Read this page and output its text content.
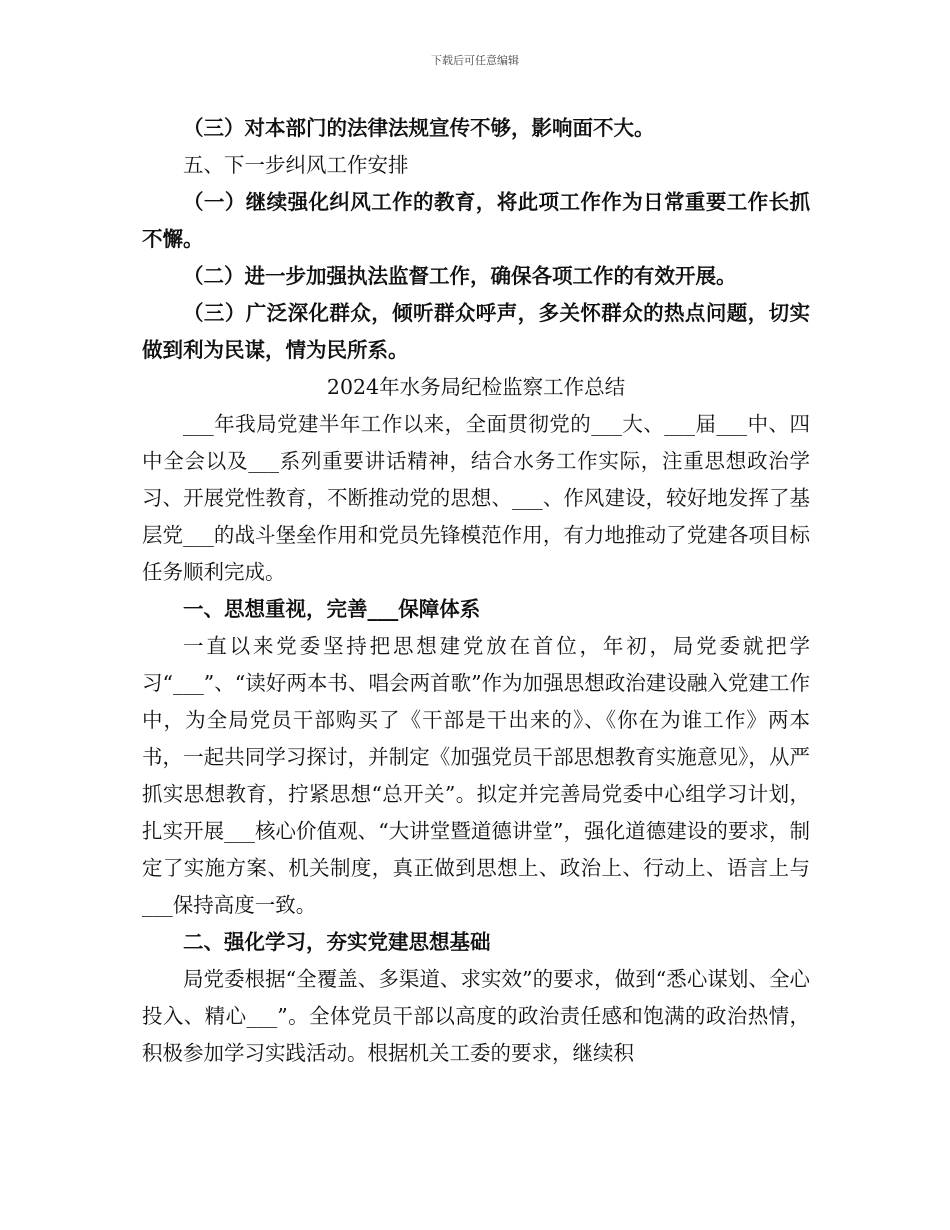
下载后可任意编辑

（三）对本部门的法律法规宣传不够，影响面不大。

五、下一步纠风工作安排

（一）继续强化纠风工作的教育，将此项工作作为日常重要工作长抓不懈。

（二）进一步加强执法监督工作，确保各项工作的有效开展。

（三）广泛深化群众，倾听群众呼声，多关怀群众的热点问题，切实做到利为民谋，情为民所系。

2024年水务局纪检监察工作总结

___年我局党建半年工作以来，全面贯彻党的___大、___届___中、四中全会以及___系列重要讲话精神，结合水务工作实际，注重思想政治学习、开展党性教育，不断推动党的思想、___、作风建设，较好地发挥了基层党___的战斗堡垒作用和党员先锋模范作用，有力地推动了党建各项目标任务顺利完成。

一、思想重视，完善___保障体系

一直以来党委坚持把思想建党放在首位，年初，局党委就把学习“___”、“读好两本书、唱会两首歌”作为加强思想政治建设融入党建工作中，为全局党员干部购买了《干部是干出来的》、《你在为谁工作》两本书，一起共同学习探讨，并制定《加强党员干部思想教育实施意见》，从严抓实思想教育，拧紧思想“总开关”。拟定并完善局党委中心组学习计划，扎实开展___核心价值观、“大讲堂暨道德讲堂”，强化道德建设的要求，制定了实施方案、机关制度，真正做到思想上、政治上、行动上、语言上与___保持高度一致。

二、强化学习，夯实党建思想基础

局党委根据“全覆盖、多渠道、求实效”的要求，做到“悉心谋划、全心投入、精心___”。全体党员干部以高度的政治责任感和饱满的政治热情，积极参加学习实践活动。根据机关工委的要求，继续积
